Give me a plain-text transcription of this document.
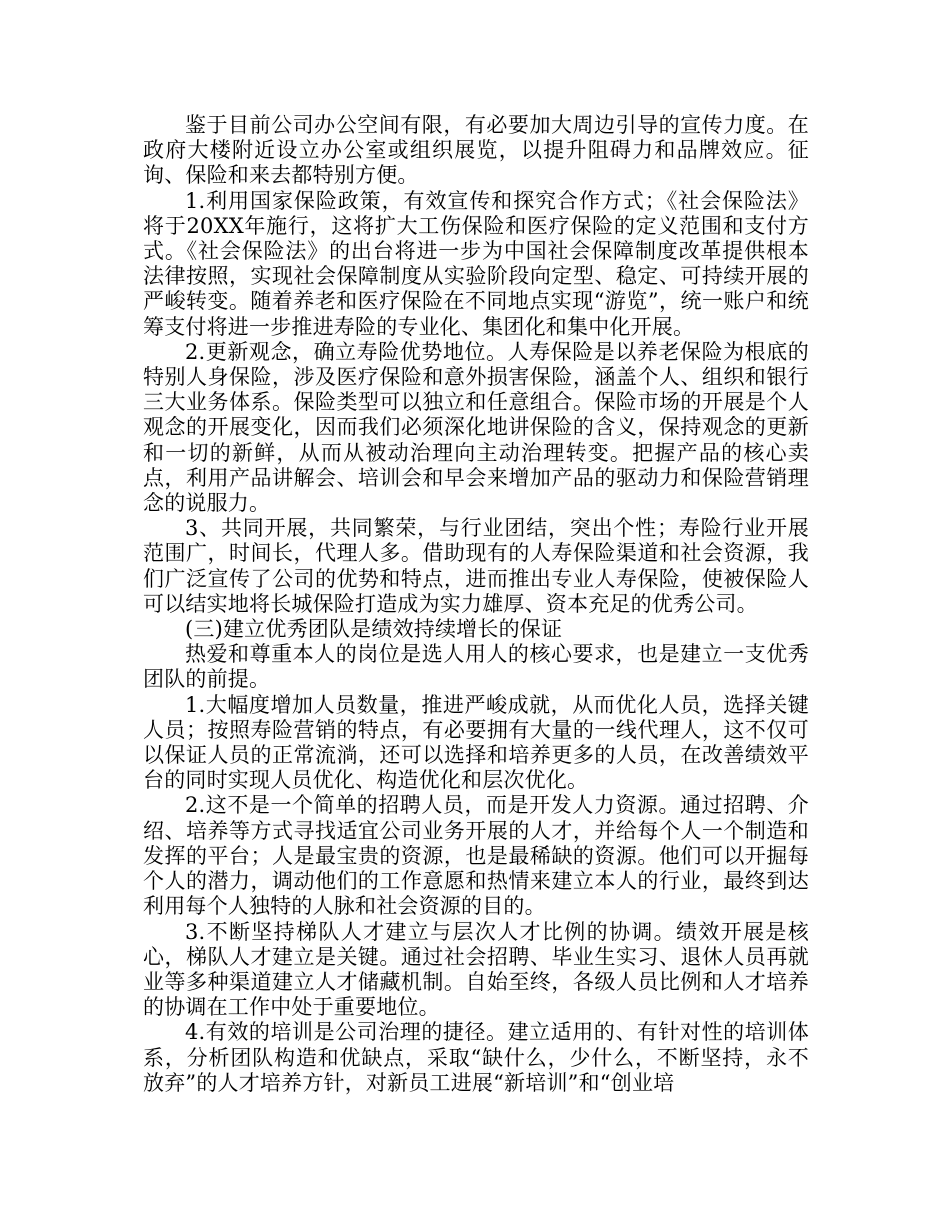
鉴于目前公司办公空间有限，有必要加大周边引导的宣传力度。在政府大楼附近设立办公室或组织展览，以提升阻碍力和品牌效应。征询、保险和来去都特别方便。

1.利用国家保险政策，有效宣传和探究合作方式；《社会保险法》将于20XX年施行，这将扩大工伤保险和医疗保险的定义范围和支付方式。《社会保险法》的出台将进一步为中国社会保障制度改革提供根本法律按照，实现社会保障制度从实验阶段向定型、稳定、可持续开展的严峻转变。随着养老和医疗保险在不同地点实现“游览”，统一账户和统筹支付将进一步推进寿险的专业化、集团化和集中化开展。

2.更新观念，确立寿险优势地位。人寿保险是以养老保险为根底的特别人身保险，涉及医疗保险和意外损害保险，涵盖个人、组织和银行三大业务体系。保险类型可以独立和任意组合。保险市场的开展是个人观念的开展变化，因而我们必须深化地讲保险的含义，保持观念的更新和一切的新鲜，从而从被动治理向主动治理转变。把握产品的核心卖点，利用产品讲解会、培训会和早会来增加产品的驱动力和保险营销理念的说服力。

3、共同开展，共同繁荣，与行业团结，突出个性；寿险行业开展范围广，时间长，代理人多。借助现有的人寿保险渠道和社会资源，我们广泛宣传了公司的优势和特点，进而推出专业人寿保险，使被保险人可以结实地将长城保险打造成为实力雄厚、资本充足的优秀公司。

(三)建立优秀团队是绩效持续增长的保证

热爱和尊重本人的岗位是选人用人的核心要求，也是建立一支优秀团队的前提。

1.大幅度增加人员数量，推进严峻成就，从而优化人员，选择关键人员；按照寿险营销的特点，有必要拥有大量的一线代理人，这不仅可以保证人员的正常流淌，还可以选择和培养更多的人员，在改善绩效平台的同时实现人员优化、构造优化和层次优化。

2.这不是一个简单的招聘人员，而是开发人力资源。通过招聘、介绍、培养等方式寻找适宜公司业务开展的人才，并给每个人一个制造和发挥的平台；人是最宝贵的资源，也是最稀缺的资源。他们可以开掘每个人的潜力，调动他们的工作意愿和热情来建立本人的行业，最终到达利用每个人独特的人脉和社会资源的目的。

3.不断坚持梯队人才建立与层次人才比例的协调。绩效开展是核心，梯队人才建立是关键。通过社会招聘、毕业生实习、退休人员再就业等多种渠道建立人才储藏机制。自始至终，各级人员比例和人才培养的协调在工作中处于重要地位。

4.有效的培训是公司治理的捷径。建立适用的、有针对性的培训体系，分析团队构造和优缺点，采取“缺什么，少什么，不断坚持，永不放弃”的人才培养方针，对新员工进展“新培训”和“创业培
